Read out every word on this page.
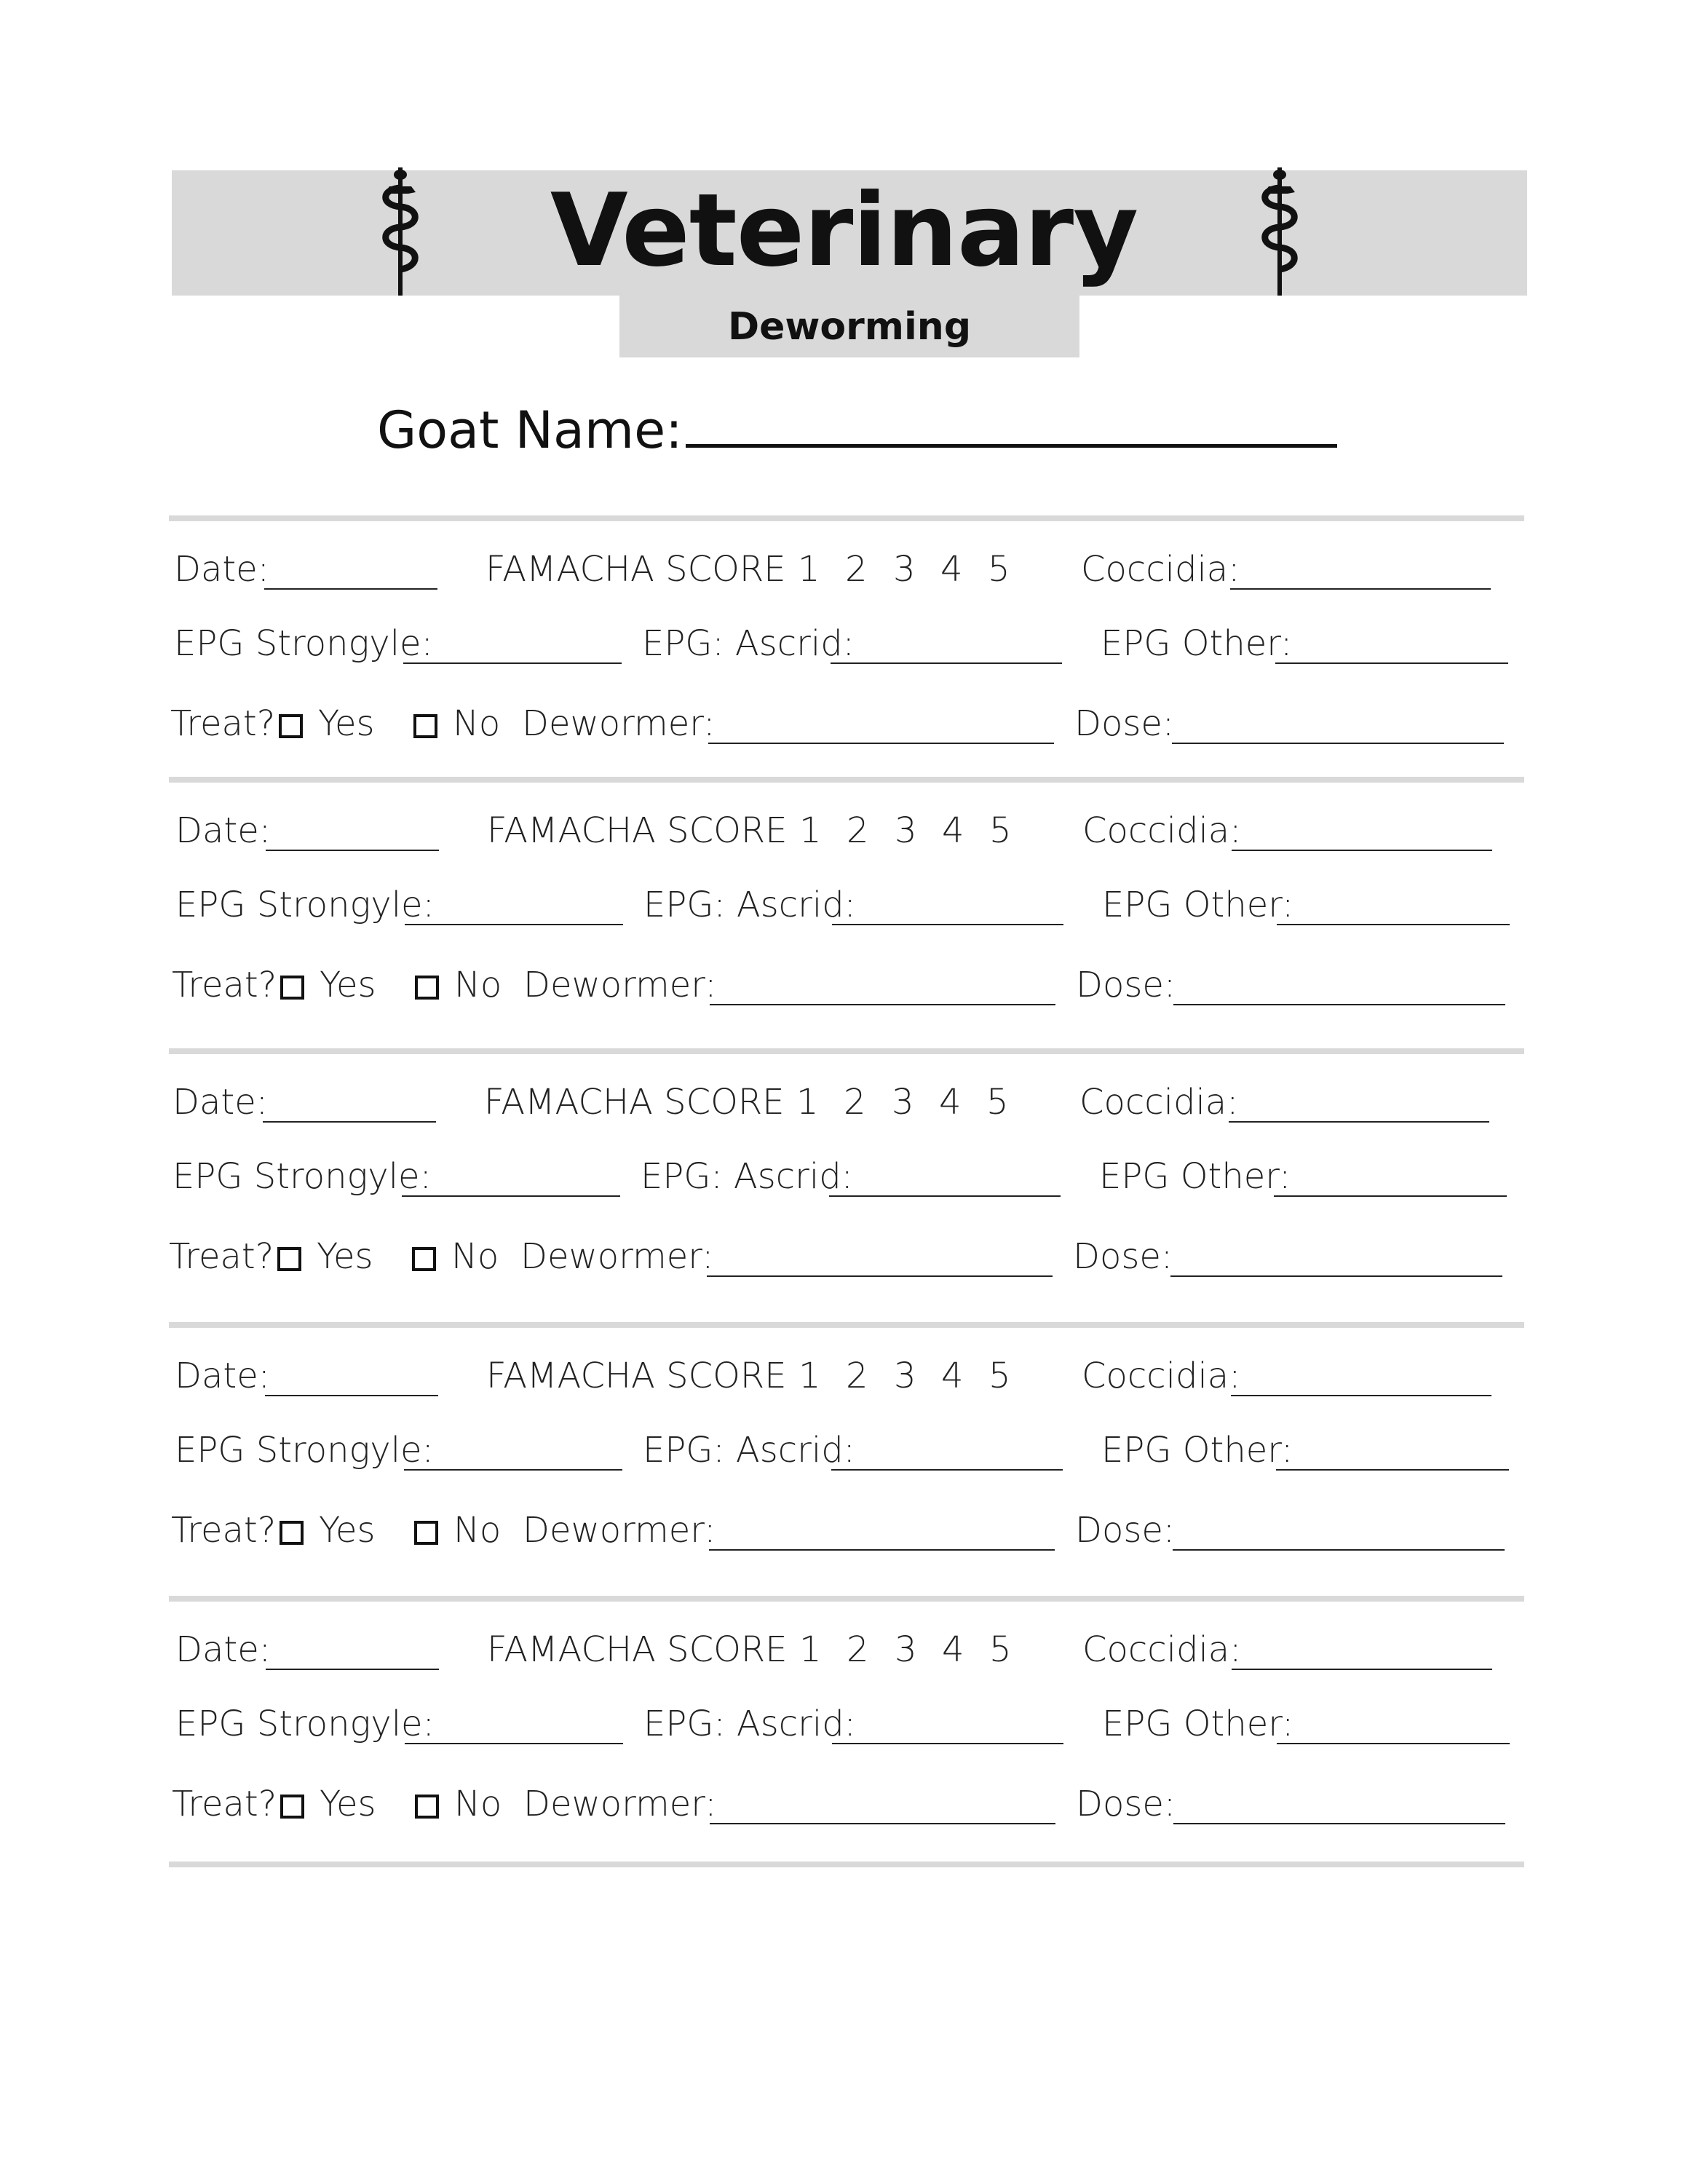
Veterinary
Deworming
Goat Name:
Date:	FAMACHA SCORE 1 2 3 4 5 Coccidia:
EPG Strongyle:	EPG: Ascrid:	EPG Other:
Treat? Yes No Dewormer:	Dose:
Date:	FAMACHA SCORE 1 2 3 4 5 Coccidia:
EPG Strongyle:	EPG: Ascrid:	EPG Other:
Treat? Yes No Dewormer:	Dose:
Date:	FAMACHA SCORE 1 2 3 4 5 Coccidia:
EPG Strongyle:	EPG: Ascrid:	EPG Other:
Treat? Yes No Dewormer:	Dose:
Date:	FAMACHA SCORE 1 2 3 4 5 Coccidia:
EPG Strongyle:	EPG: Ascrid:	EPG Other:
Treat? Yes No Dewormer:	Dose:
Date:	FAMACHA SCORE 1 2 3 4 5 Coccidia:
EPG Strongyle:	EPG: Ascrid:	EPG Other:
Treat? Yes No Dewormer:	Dose:
